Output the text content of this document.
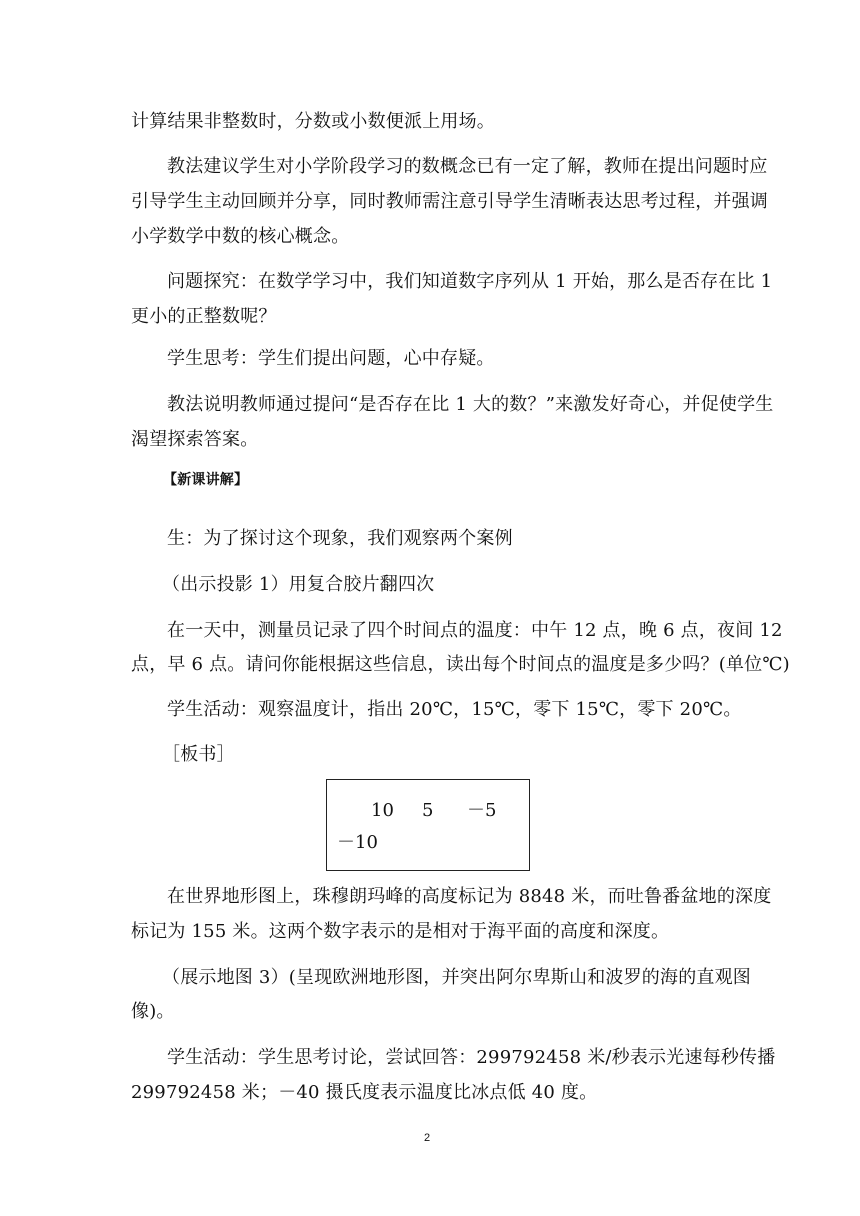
计算结果非整数时，分数或小数便派上用场。
教法建议学生对小学阶段学习的数概念已有一定了解，教师在提出问题时应
引导学生主动回顾并分享，同时教师需注意引导学生清晰表达思考过程，并强调
小学数学中数的核心概念。
问题探究：在数学学习中，我们知道数字序列从 1 开始，那么是否存在比 1
更小的正整数呢？
学生思考：学生们提出问题，心中存疑。
教法说明教师通过提问“是否存在比 1 大的数？”来激发好奇心，并促使学生
渴望探索答案。
【新课讲解】
生：为了探讨这个现象，我们观察两个案例
（出示投影 1）用复合胶片翻四次
在一天中，测量员记录了四个时间点的温度：中午 12 点，晚 6 点，夜间 12
点，早 6 点。请问你能根据这些信息，读出每个时间点的温度是多少吗？(单位℃)
学生活动：观察温度计，指出 20℃，15℃，零下 15℃，零下 20℃。
［板书］
10 5 －5
－10
在世界地形图上，珠穆朗玛峰的高度标记为 8848 米，而吐鲁番盆地的深度
标记为 155 米。这两个数字表示的是相对于海平面的高度和深度。
（展示地图 3）(呈现欧洲地形图，并突出阿尔卑斯山和波罗的海的直观图
像)。
学生活动：学生思考讨论，尝试回答：299792458 米/秒表示光速每秒传播
299792458 米；－40 摄氏度表示温度比冰点低 40 度。
2
